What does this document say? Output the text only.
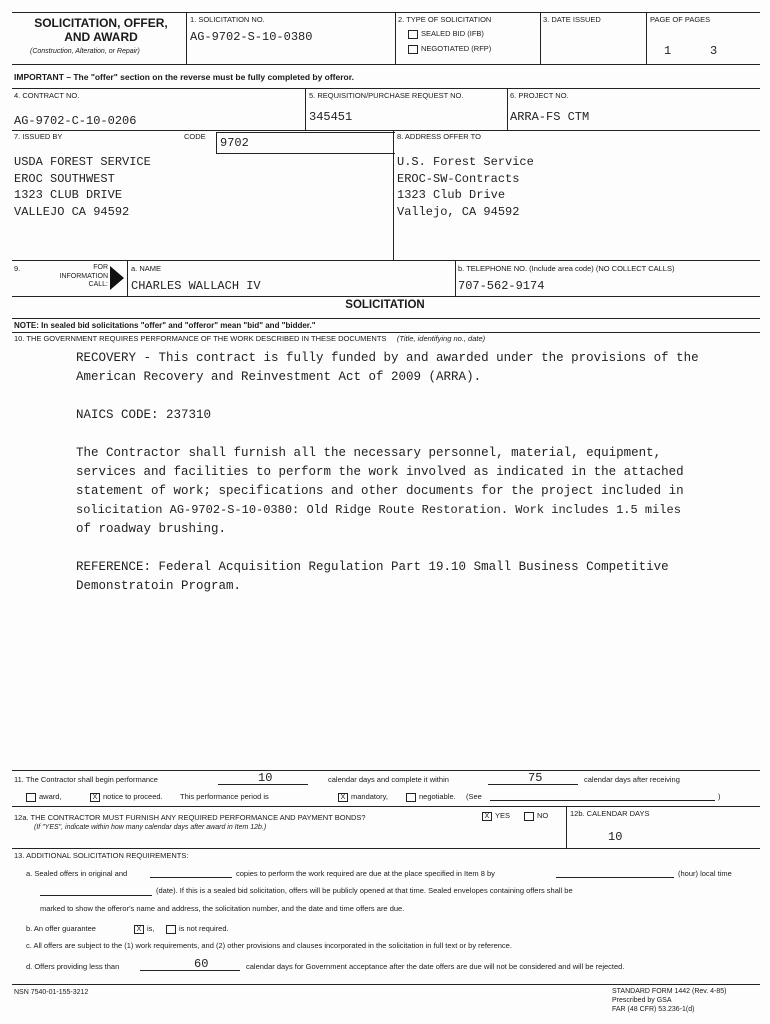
SOLICITATION, OFFER,
AND AWARD
(Construction, Alteration, or Repair)
1. SOLICITATION NO.
AG-9702-S-10-0380
2. TYPE OF SOLICITATION
SEALED BID (IFB)
NEGOTIATED (RFP)
3. DATE ISSUED	PAGE OF PAGES
1	3
IMPORTANT – The "offer" section on the reverse must be fully completed by offeror.
4. CONTRACT NO.
AG-9702-C-10-0206
5. REQUISITION/PURCHASE REQUEST NO.
345451
6. PROJECT NO.
ARRA-FS CTM
7. ISSUED BY	CODE 9702
USDA FOREST SERVICE
EROC SOUTHWEST
1323 CLUB DRIVE
VALLEJO CA 94592
8. ADDRESS OFFER TO
U.S. Forest Service
EROC-SW-Contracts
1323 Club Drive
Vallejo, CA 94592
9.	FOR
INFORMATION
CALL:
a. NAME
CHARLES WALLACH IV
b. TELEPHONE NO. (Include area code) (NO COLLECT CALLS)
707-562-9174
SOLICITATION
NOTE: In sealed bid solicitations "offer" and "offeror" mean "bid" and "bidder."
10. THE GOVERNMENT REQUIRES PERFORMANCE OF THE WORK DESCRIBED IN THESE DOCUMENTS (Title, identifying no., date)

RECOVERY - This contract is fully funded by and awarded under the provisions of the

American Recovery and Reinvestment Act of 2009 (ARRA).

NAICS CODE: 237310

The Contractor shall furnish all the necessary personnel, material, equipment,

services and facilities to perform the work involved as indicated in the attached

statement of work; specifications and other documents for the project included in

solicitation AG-9702-S-10-0380: Old Ridge Route Restoration. Work includes 1.5 miles

of roadway brushing.

REFERENCE: Federal Acquisition Regulation Part 19.10 Small Business Competitive

Demonstratoin Program.

11. The Contractor shall begin performance	10	calendar days and complete it within	75	calendar days after receiving
award,	X notice to proceed. This performance period is	X mandatory,	negotiable. (See	)
12a. THE CONTRACTOR MUST FURNISH ANY REQUIRED PERFORMANCE AND PAYMENT BONDS?
(If "YES", indicate within how many calendar days after award in Item 12b.)
X YES	NO	12b. CALENDAR DAYS
10
13. ADDITIONAL SOLICITATION REQUIREMENTS:
a. Sealed offers in original and	copies to perform the work required are due at the place specified in Item 8 by	(hour) local time
(date). If this is a sealed bid solicitation, offers will be publicly opened at that time. Sealed envelopes containing offers shall be
marked to show the offeror's name and address, the solicitation number, and the date and time offers are due.
b. An offer guarantee	X is,	is not required.
c. All offers are subject to the (1) work requirements, and (2) other provisions and clauses incorporated in the solicitation in full text or by reference.
d. Offers providing less than	60	calendar days for Government acceptance after the date offers are due will not be considered and will be rejected.
NSN 7540-01-155-3212	STANDARD FORM 1442 (Rev. 4-85)
Prescribed by GSA
FAR (48 CFR) 53.236-1(d)
